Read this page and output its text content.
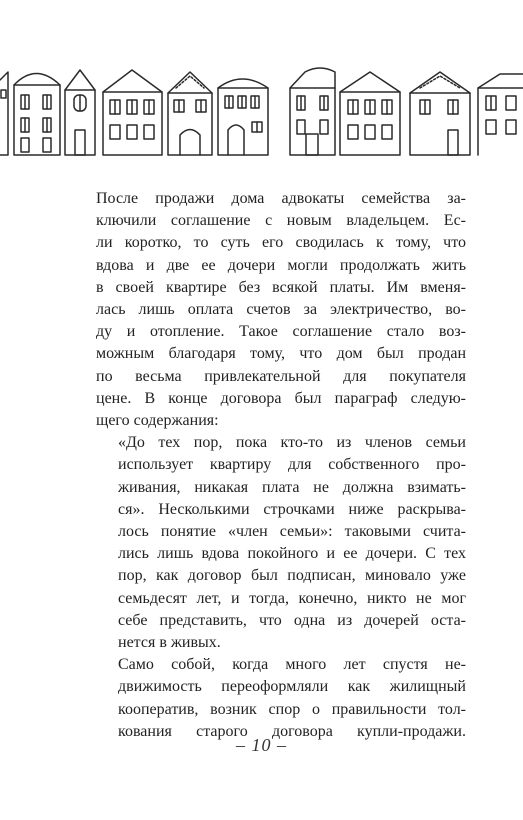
После продажи дома адвокаты семейства за-
ключили соглашение с новым владельцем. Ес-
ли коротко, то суть его сводилась к тому, что
вдова и две ее дочери могли продолжать жить
в своей квартире без всякой платы. Им вменя-
лась лишь оплата счетов за электричество, во-
ду и отопление. Такое соглашение стало воз-
можным благодаря тому, что дом был продан
по весьма привлекательной для покупателя
цене. В конце договора был параграф следую-
щего содержания:

«До тех пор, пока кто-то из членов семьи
использует квартиру для собственного про-
живания, никакая плата не должна взимать-
ся». Несколькими строчками ниже раскрыва-
лось понятие «член семьи»: таковыми счита-
лись лишь вдова покойного и ее дочери. С тех
пор, как договор был подписан, миновало уже
семьдесят лет, и тогда, конечно, никто не мог
себе представить, что одна из дочерей оста-
нется в живых.

Само собой, когда много лет спустя не-
движимость переоформляли как жилищный
кооператив, возник спор о правильности тол-
кования старого договора купли-продажи.

– 10 –
